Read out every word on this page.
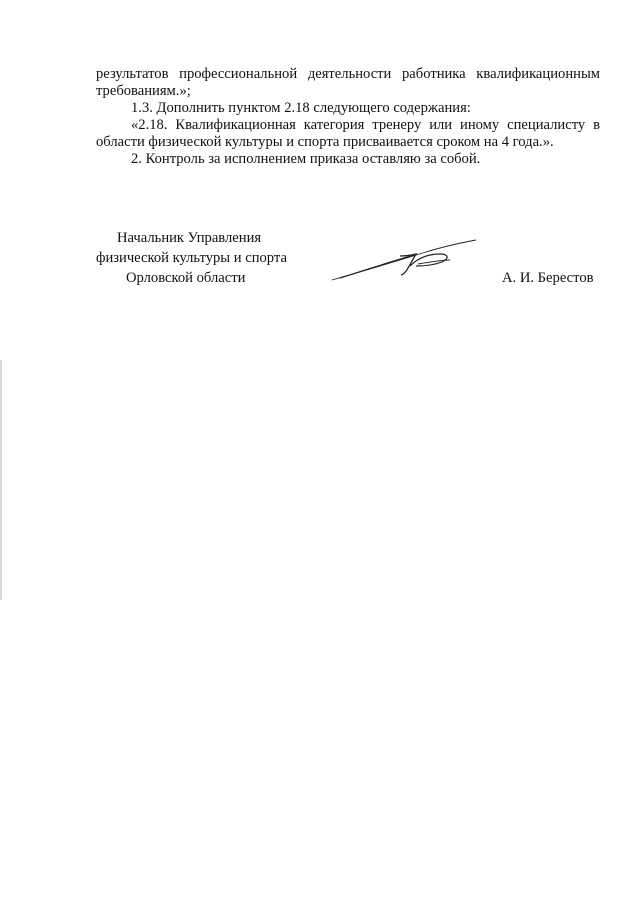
результатов профессиональной деятельности работника квалификационным

требованиям.»;

1.3. Дополнить пунктом 2.18 следующего содержания:

«2.18. Квалификационная категория тренеру или иному специалисту в

области физической культуры и спорта присваивается сроком на 4 года.».

2. Контроль за исполнением приказа оставляю за собой.

Начальник Управления
физической культуры и спорта
Орловской области	А. И. Берестов
